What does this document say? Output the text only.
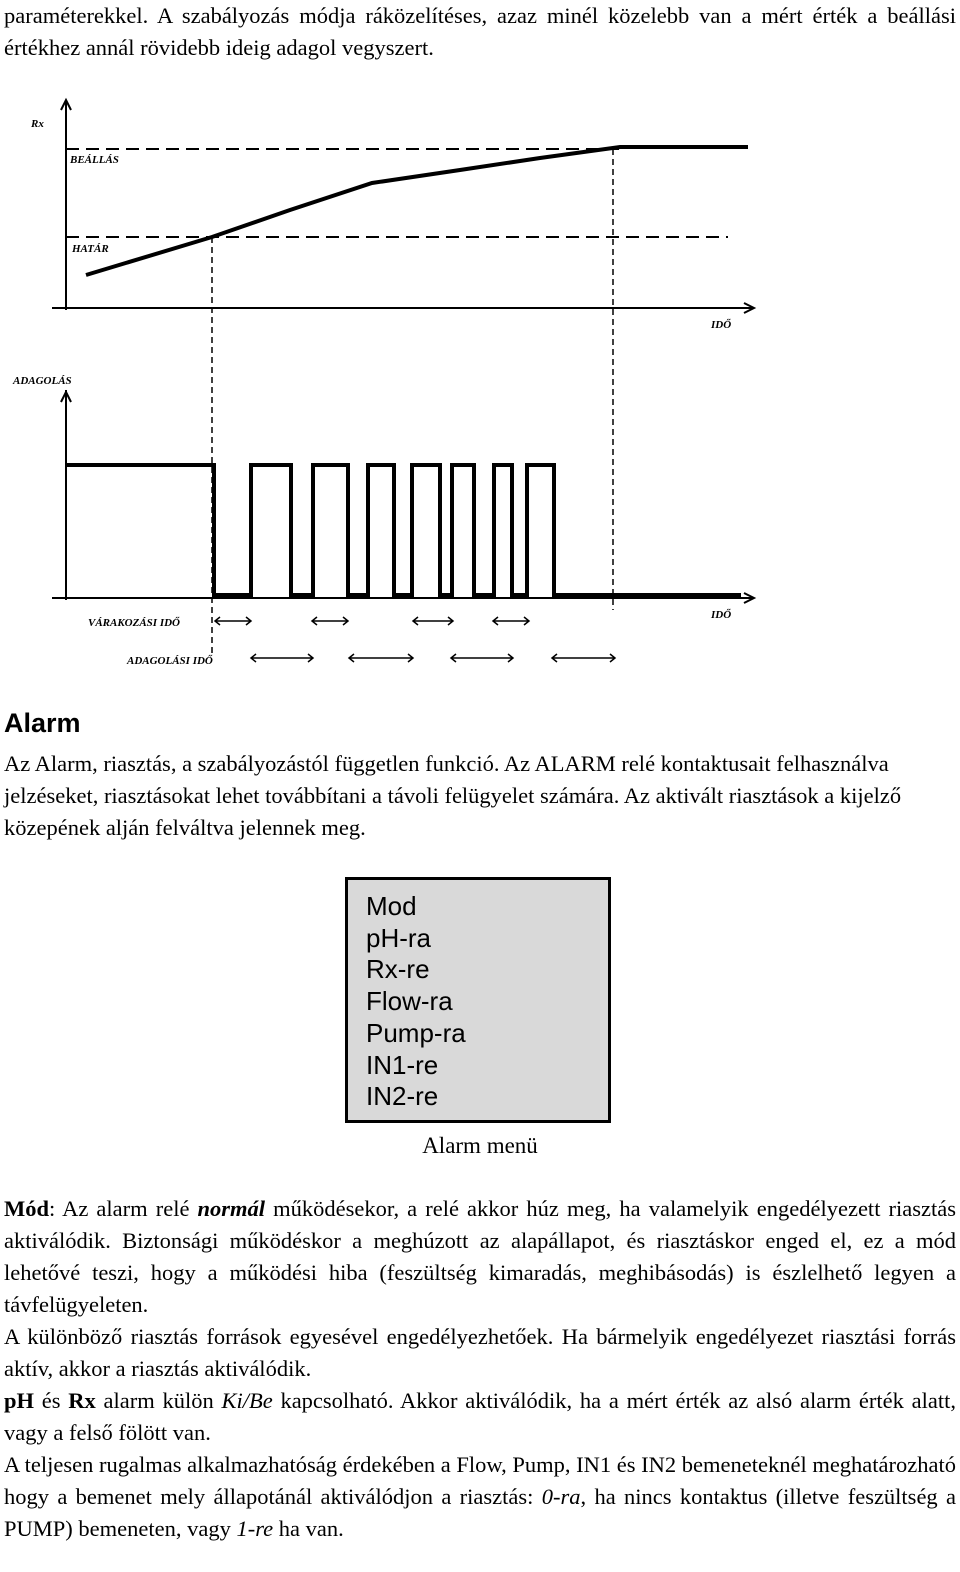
paraméterekkel. A szabályozás módja ráközelítéses, azaz minél közelebb van a mért érték a beállási értékhez annál rövidebb ideig adagol vegyszert.

Rx
IDŐ
BEÁLLÁS
HATÁR
ADAGOLÁS
IDŐ
VÁRAKOZÁSI IDŐ
ADAGOLÁSI IDŐ
Alarm

Az Alarm, riasztás, a szabályozástól független funkció. Az ALARM relé kontaktusait felhasználva jelzéseket, riasztásokat lehet továbbítani a távoli felügyelet számára. Az aktivált riasztások a kijelző közepének alján felváltva jelennek meg.

Mod
pH-ra
Rx-re
Flow-ra
Pump-ra
IN1-re
IN2-re
Alarm menü

Mód: Az alarm relé normál működésekor, a relé akkor húz meg, ha valamelyik engedélyezett riasztás aktiválódik. Biztonsági működéskor a meghúzott az alapállapot, és riasztáskor enged el, ez a mód lehetővé teszi, hogy a működési hiba (feszültség kimaradás, meghibásodás) is észlelhető legyen a távfelügyeleten.

A különböző riasztás források egyesével engedélyezhetőek. Ha bármelyik engedélyezet riasztási forrás aktív, akkor a riasztás aktiválódik.

pH és Rx alarm külön Ki/Be kapcsolható. Akkor aktiválódik, ha a mért érték az alsó alarm érték alatt, vagy a felső fölött van.

A teljesen rugalmas alkalmazhatóság érdekében a Flow, Pump, IN1 és IN2 bemeneteknél meghatározható hogy a bemenet mely állapotánál aktiválódjon a riasztás: 0-ra, ha nincs kontaktus (illetve feszültség a PUMP) bemeneten, vagy 1-re ha van.
